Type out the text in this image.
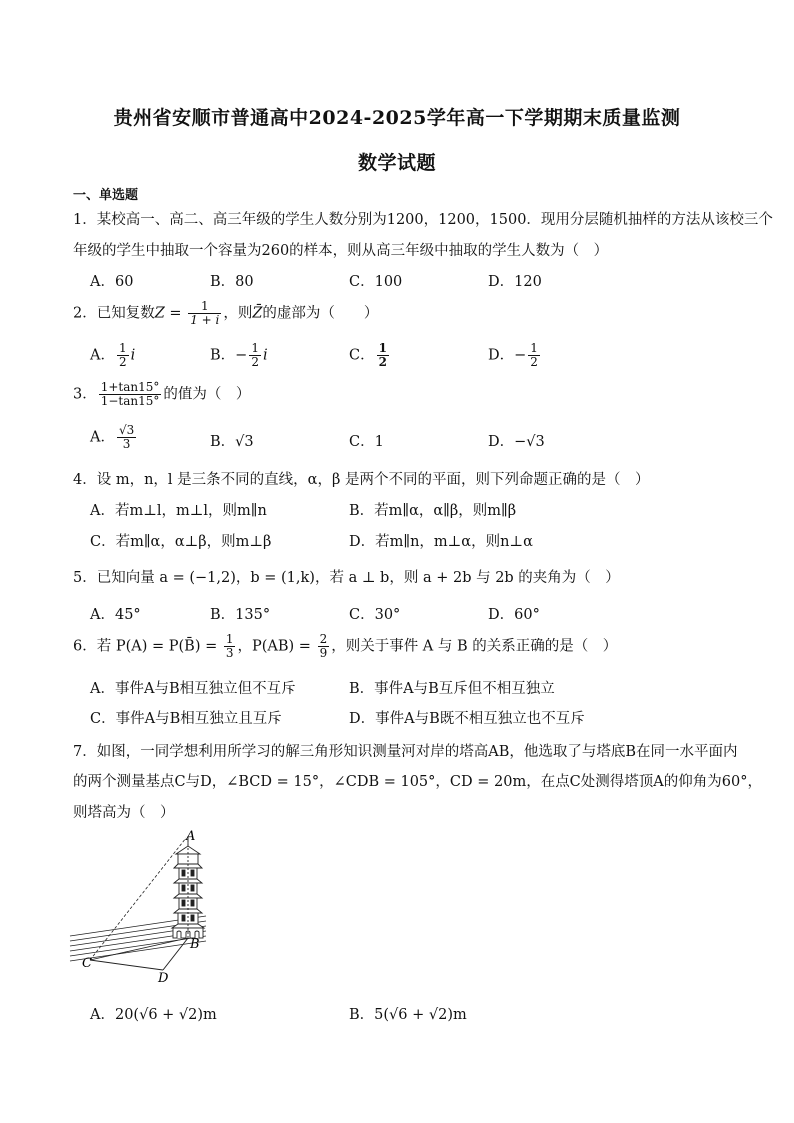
贵州省安顺市普通高中2024-2025学年高一下学期期末质量监测
数学试题
一、单选题
1．某校高一、高二、高三年级的学生人数分别为1200，1200，1500．现用分层随机抽样的方法从该校三个
年级的学生中抽取一个容量为260的样本，则从高三年级中抽取的学生人数为（　）
A．60	B．80	C．100	D．120
2．已知复数$Z = \frac{1}{1 + i}$ ，则Z̄的虚部为（　　）
A． $\frac{1}{2}$ i	B．− $\frac{1}{2}$ i	C． $\frac{1}{2}$	D．− $\frac{1}{2}$
3． $\frac{1+\tan 15^\circ}{1-\tan 15^\circ}$ 的值为（　）
A． $\frac{√3}{3}$	B．√3	C．1	D．−√3
4．设 m，n，l 是三条不同的直线，α，β 是两个不同的平面，则下列命题正确的是（　）
A．若m⊥l，m⊥l，则m∥n	B．若m∥α，α∥β，则m∥β
C．若m∥α，α⊥β，则m⊥β	D．若m∥n，m⊥α，则n⊥α
5．已知向量 a = (−1,2)，b = (1,k)，若 a ⊥ b，则 a + 2b 与 2b 的夹角为（　）
A．45°	B．135°	C．30°	D．60°
6．若 P(A) = P(B̄) = $\frac{1}{3}$ ，$P(AB) = \frac{2}{9}$ ，则关于事件 A 与 B 的关系正确的是（　）
A．事件A与B相互独立但不互斥	B．事件A与B互斥但不相互独立
C．事件A与B相互独立且互斥	D．事件A与B既不相互独立也不互斥
7．如图，一同学想利用所学习的解三角形知识测量河对岸的塔高AB，他选取了与塔底B在同一水平面内
的两个测量基点C与D，∠BCD = 15°，∠CDB = 105°，CD = 20m，在点C处测得塔顶A的仰角为60°，
则塔高为（　）
A
B
C
D
A．20(√6 + √2)m	B．5(√6 + √2)m
